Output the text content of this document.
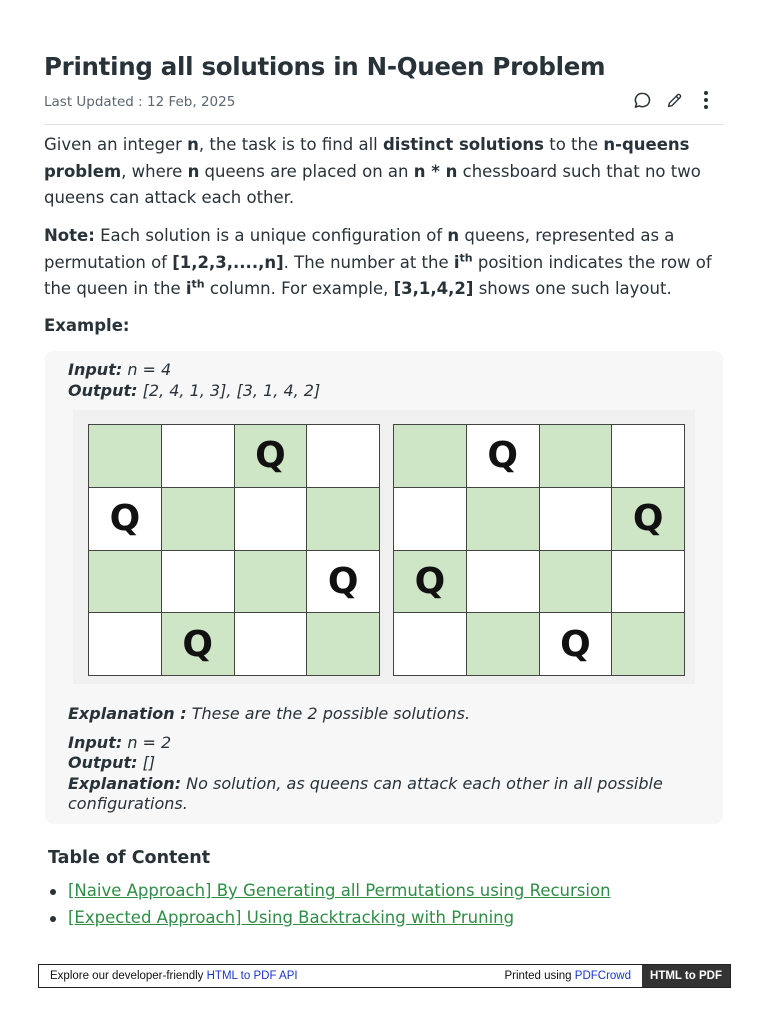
Printing all solutions in N-Queen Problem
Last Updated : 12 Feb, 2025

Given an integer n, the task is to find all distinct solutions to the n-queens problem, where n queens are placed on an n * n chessboard such that no two queens can attack each other.

Note: Each solution is a unique configuration of n queens, represented as a permutation of [1,2,3,....,n]. The number at the $i^{th}$ position indicates the row of the queen in the $i^{th}$ column. For example, [3,1,4,2] shows one such layout.

Example:
Input: n = 4
Output: [2, 4, 1, 3], [3, 1, 4, 2]
Q
Q
Q
Q
Q
Q
Q
Q
Explanation : These are the 2 possible solutions.
Input: n = 2
Output: []
Explanation: No solution, as queens can attack each other in all possible configurations.
Table of Content
[Naive Approach] By Generating all Permutations using Recursion
[Expected Approach] Using Backtracking with Pruning
Explore our developer-friendly HTML to PDF API	Printed using PDFCrowd	HTML to PDF
